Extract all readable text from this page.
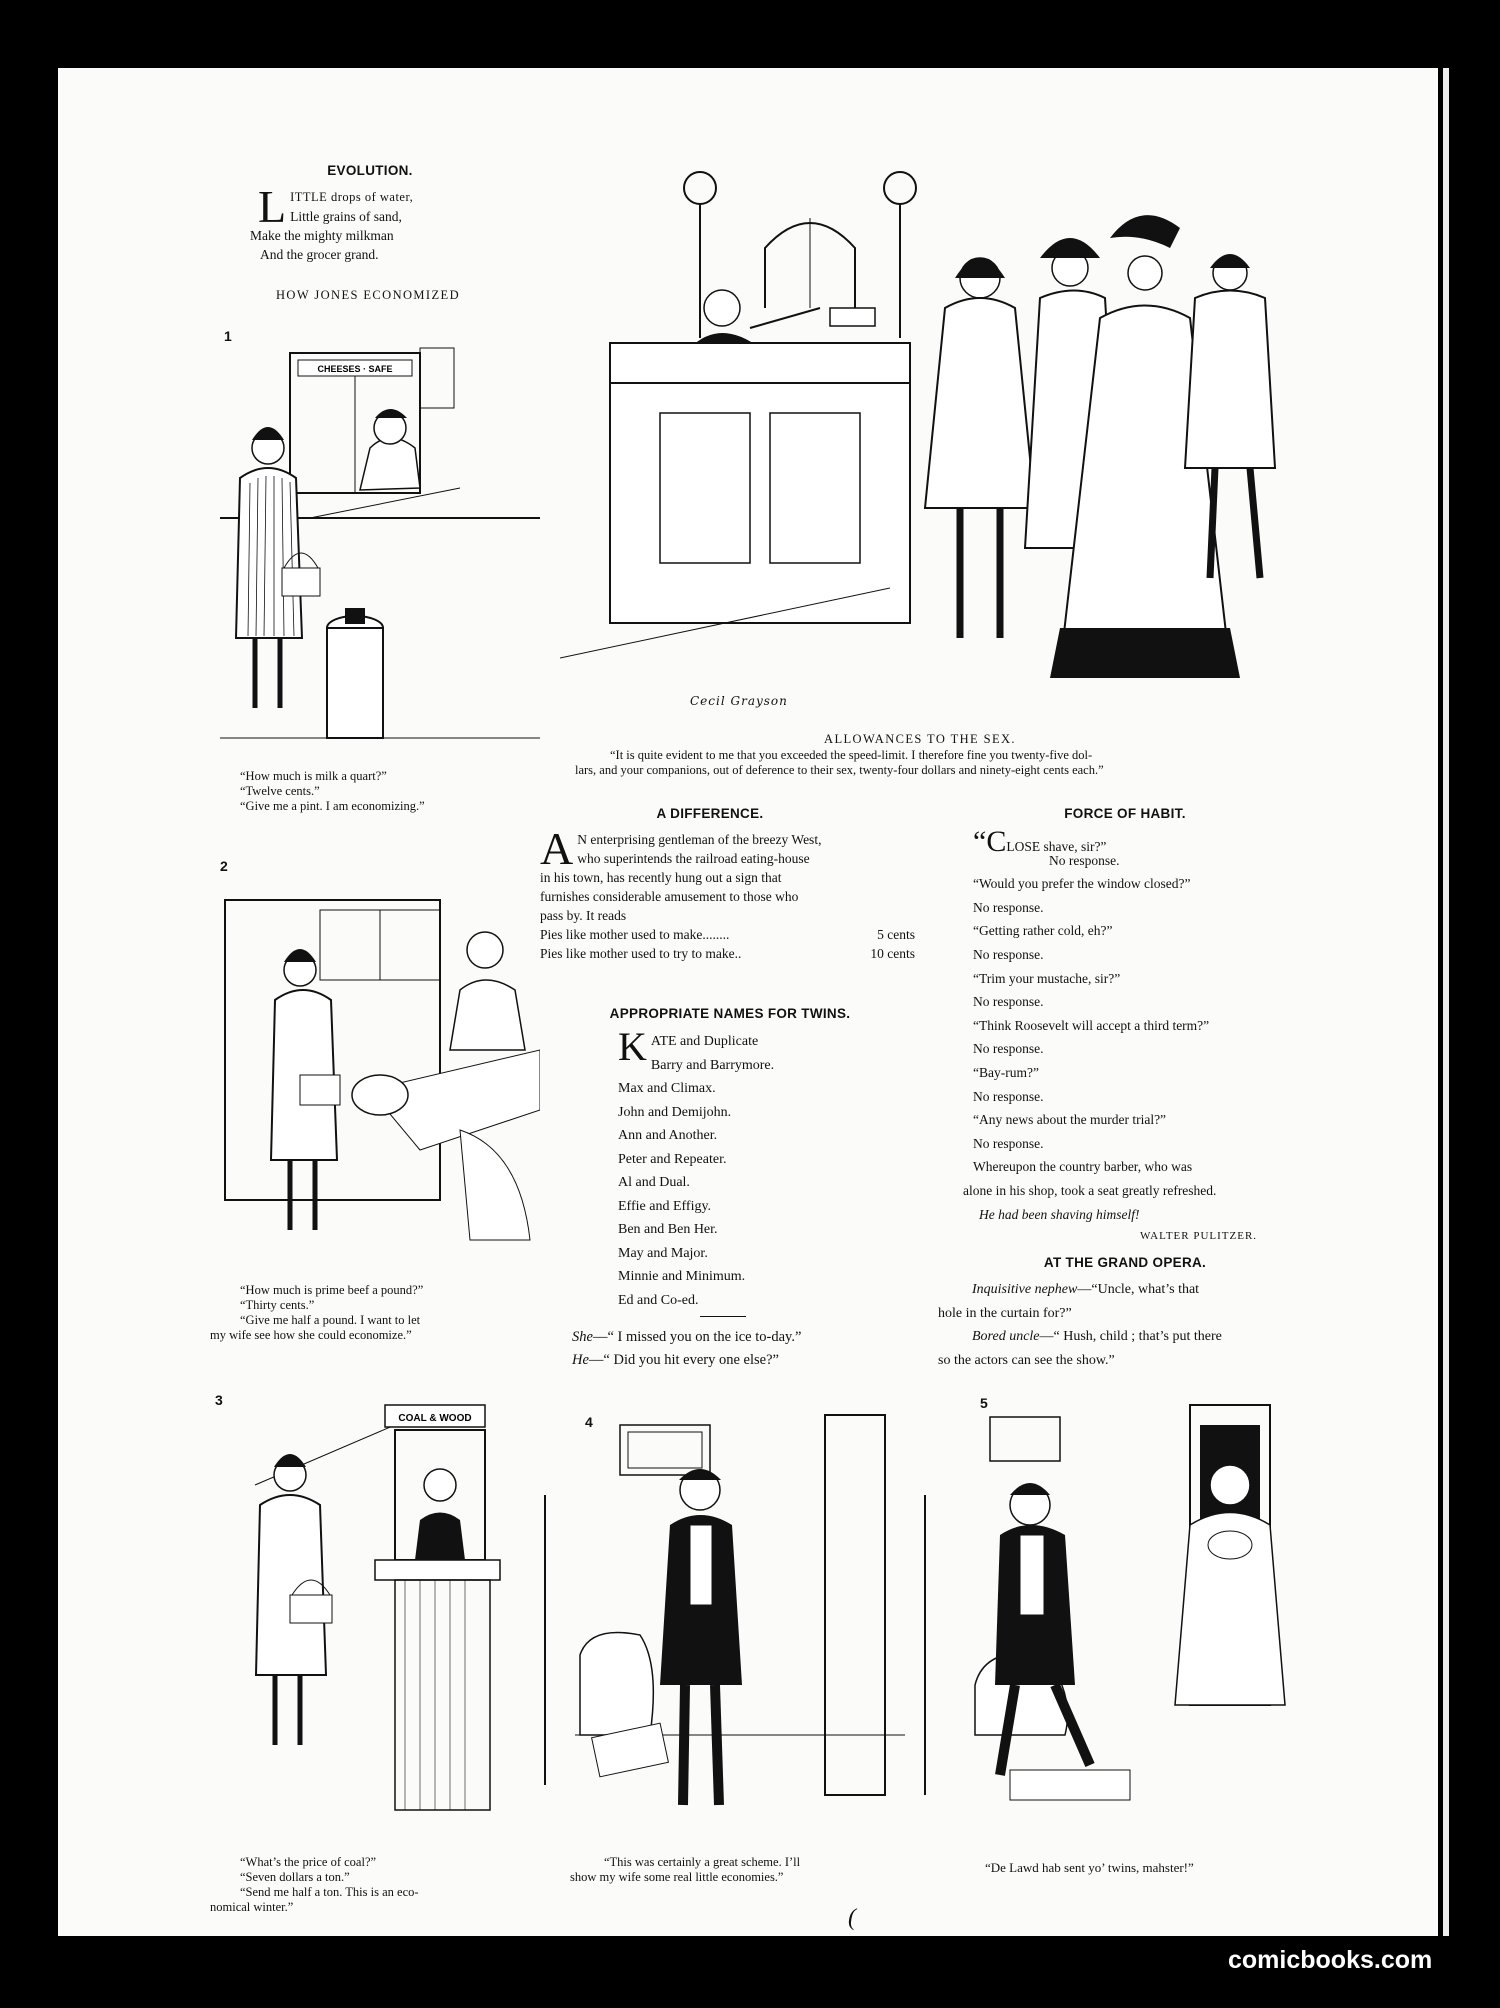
EVOLUTION.
L ITTLE drops of water,
Little grains of sand,
Make the mighty milkman
And the grocer grand.
HOW JONES ECONOMIZED
1
CHEESES · SAFE
“How much is milk a quart?”
“Twelve cents.”
“Give me a pint. I am economizing.”
Cecil Grayson
ALLOWANCES TO THE SEX.
“It is quite evident to me that you exceeded the speed-limit. I therefore fine you twenty-five dol-
lars, and your companions, out of deference to their sex, twenty-four dollars and ninety-eight cents each.”
A DIFFERENCE.
A N enterprising gentleman of the breezy West,
who superintends the railroad eating-house
in his town, has recently hung out a sign that
furnishes considerable amusement to those who
pass by. It reads
Pies like mother used to make........	5 cents
Pies like mother used to try to make..	10 cents
APPROPRIATE NAMES FOR TWINS.
K ATE and Duplicate
Barry and Barrymore.
Max and Climax.
John and Demijohn.
Ann and Another.
Peter and Repeater.
Al and Dual.
Effie and Effigy.
Ben and Ben Her.
May and Major.
Minnie and Minimum.
Ed and Co-ed.
She—“ I missed you on the ice to-day.”
He—“ Did you hit every one else?”
FORCE OF HABIT.
“CLOSE shave, sir?”
No response.
“Would you prefer the window closed?”
No response.
“Getting rather cold, eh?”
No response.
“Trim your mustache, sir?”
No response.
“Think Roosevelt will accept a third term?”
No response.
“Bay-rum?”
No response.
“Any news about the murder trial?”
No response.
Whereupon the country barber, who was
alone in his shop, took a seat greatly refreshed.
He had been shaving himself!
WALTER PULITZER.
AT THE GRAND OPERA.
Inquisitive nephew—“Uncle, what’s that
hole in the curtain for?”
Bored uncle—“ Hush, child ; that’s put there
so the actors can see the show.”
2
“How much is prime beef a pound?”
“Thirty cents.”
“Give me half a pound. I want to let
my wife see how she could economize.”
3
COAL & WOOD
“What’s the price of coal?”
“Seven dollars a ton.”
“Send me half a ton. This is an eco-
nomical winter.”
4
“This was certainly a great scheme. I’ll
show my wife some real little economies.”
5
“De Lawd hab sent yo’ twins, mahster!”
(
comicbooks.com
